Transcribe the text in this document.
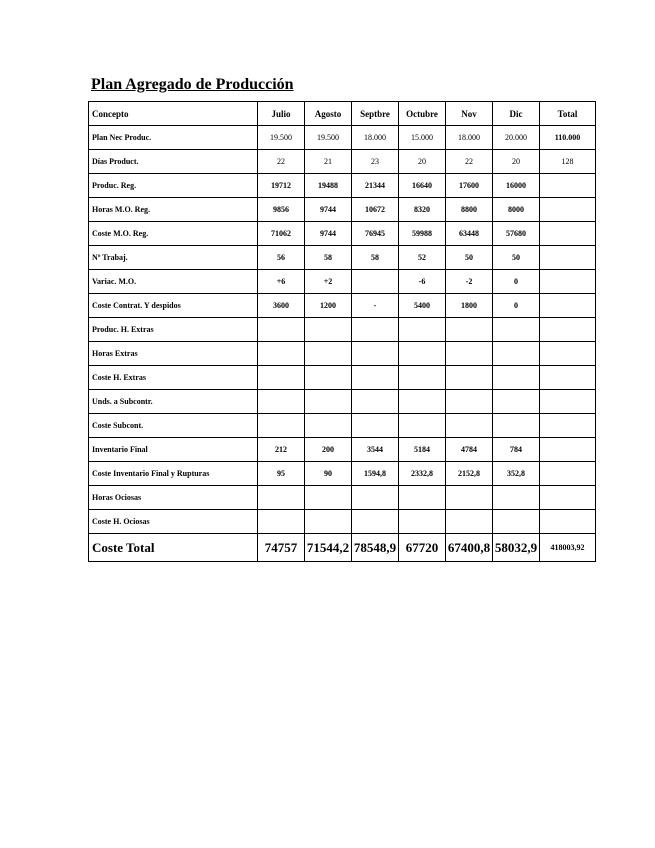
Plan Agregado de Producción
Concepto	Julio	Agosto	Septbre	Octubre	Nov	Dic	Total
Plan Nec Produc.	19.500	19.500	18.000	15.000	18.000	20.000	110.000
Días Product.	22	21	23	20	22	20	128
Produc. Reg.	19712	19488	21344	16640	17600	16000	
Horas M.O. Reg.	9856	9744	10672	8320	8800	8000	
Coste M.O. Reg.	71062	9744	76945	59988	63448	57680	
Nº Trabaj.	56	58	58	52	50	50	
Variac. M.O.	+6	+2		-6	-2	0	
Coste Contrat. Y despidos	3600	1200	-	5400	1800	0	
Produc. H. Extras							
Horas Extras							
Coste H. Extras							
Unds. a Subcontr.							
Coste Subcont.							
Inventario Final	212	200	3544	5184	4784	784	
Coste Inventario Final y Rupturas	95	90	1594,8	2332,8	2152,8	352,8	
Horas Ociosas							
Coste H. Ociosas							
Coste Total	74757	71544,2	78548,9	67720	67400,8	58032,9	418003,92
